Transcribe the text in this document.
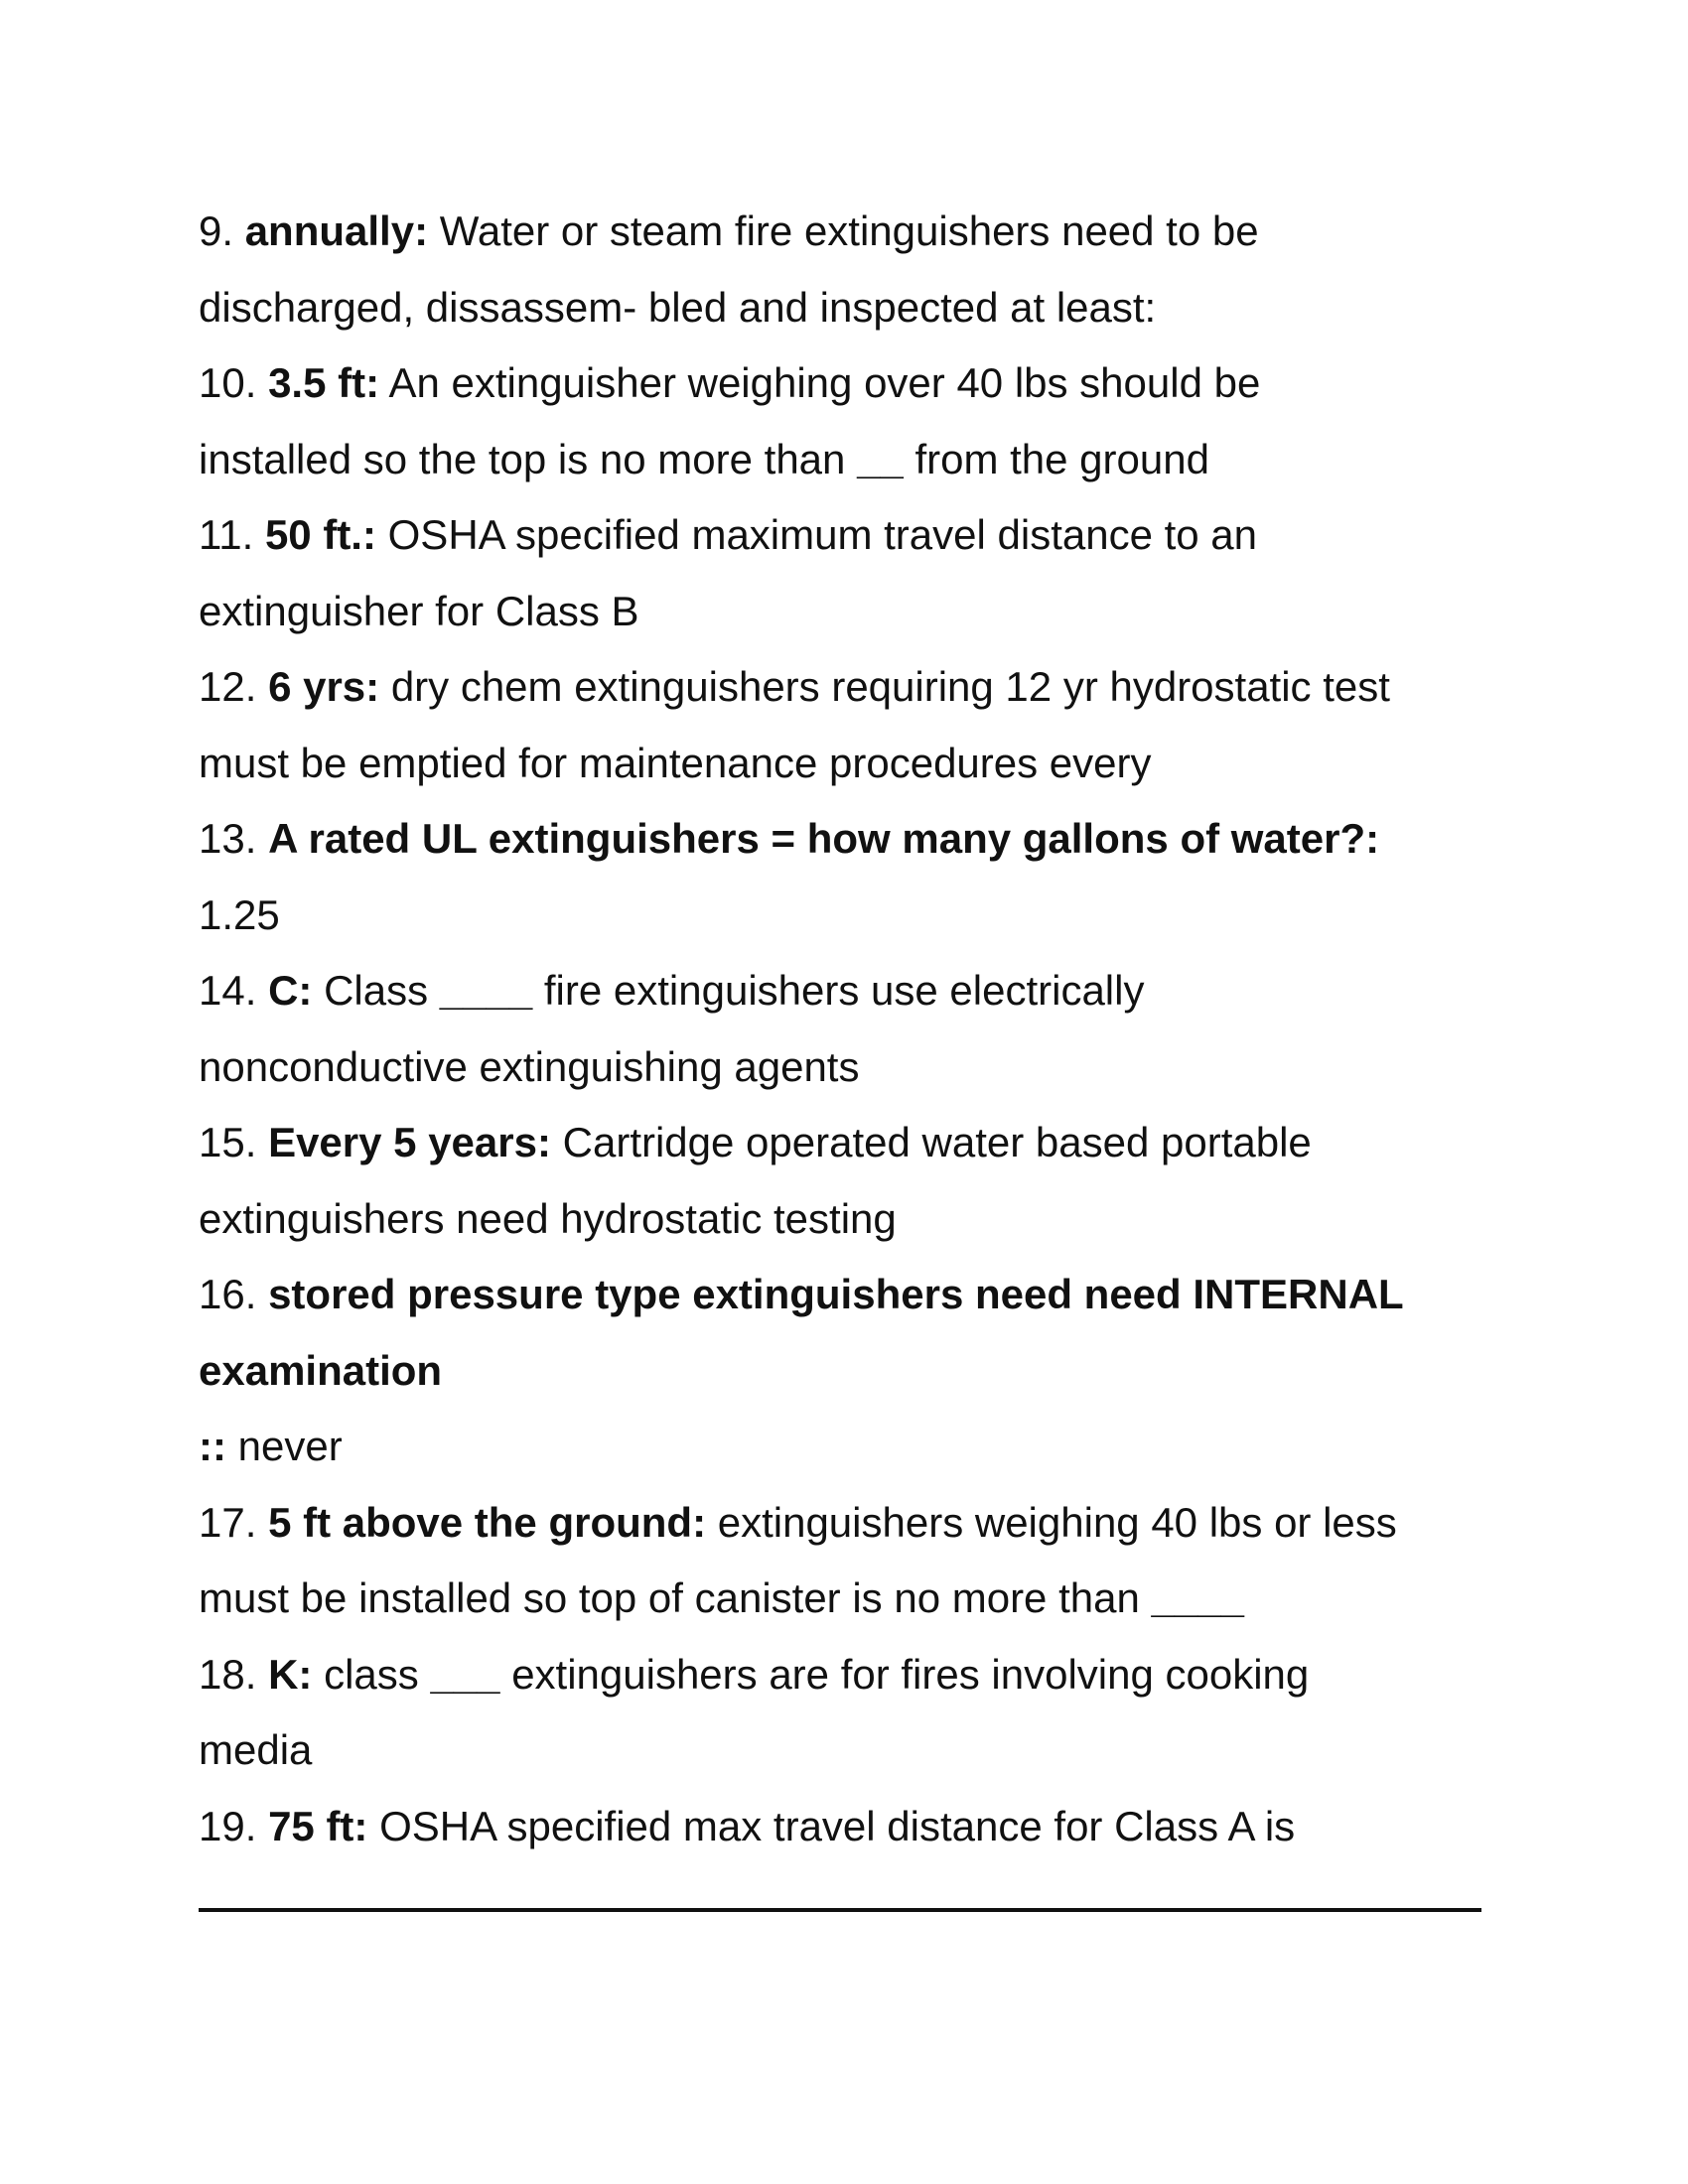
9. annually: Water or steam fire extinguishers need to be
discharged, dissassem- bled and inspected at least:
10. 3.5 ft: An extinguisher weighing over 40 lbs should be
installed so the top is no more than __ from the ground
11. 50 ft.: OSHA specified maximum travel distance to an
extinguisher for Class B
12. 6 yrs: dry chem extinguishers requiring 12 yr hydrostatic test
must be emptied for maintenance procedures every
13. A rated UL extinguishers = how many gallons of water?:
1.25
14. C: Class ____ fire extinguishers use electrically
nonconductive extinguishing agents
15. Every 5 years: Cartridge operated water based portable
extinguishers need hydrostatic testing
16. stored pressure type extinguishers need need INTERNAL
examination
:: never
17. 5 ft above the ground: extinguishers weighing 40 lbs or less
must be installed so top of canister is no more than ____
18. K: class ___ extinguishers are for fires involving cooking
media
19. 75 ft: OSHA specified max travel distance for Class A is
